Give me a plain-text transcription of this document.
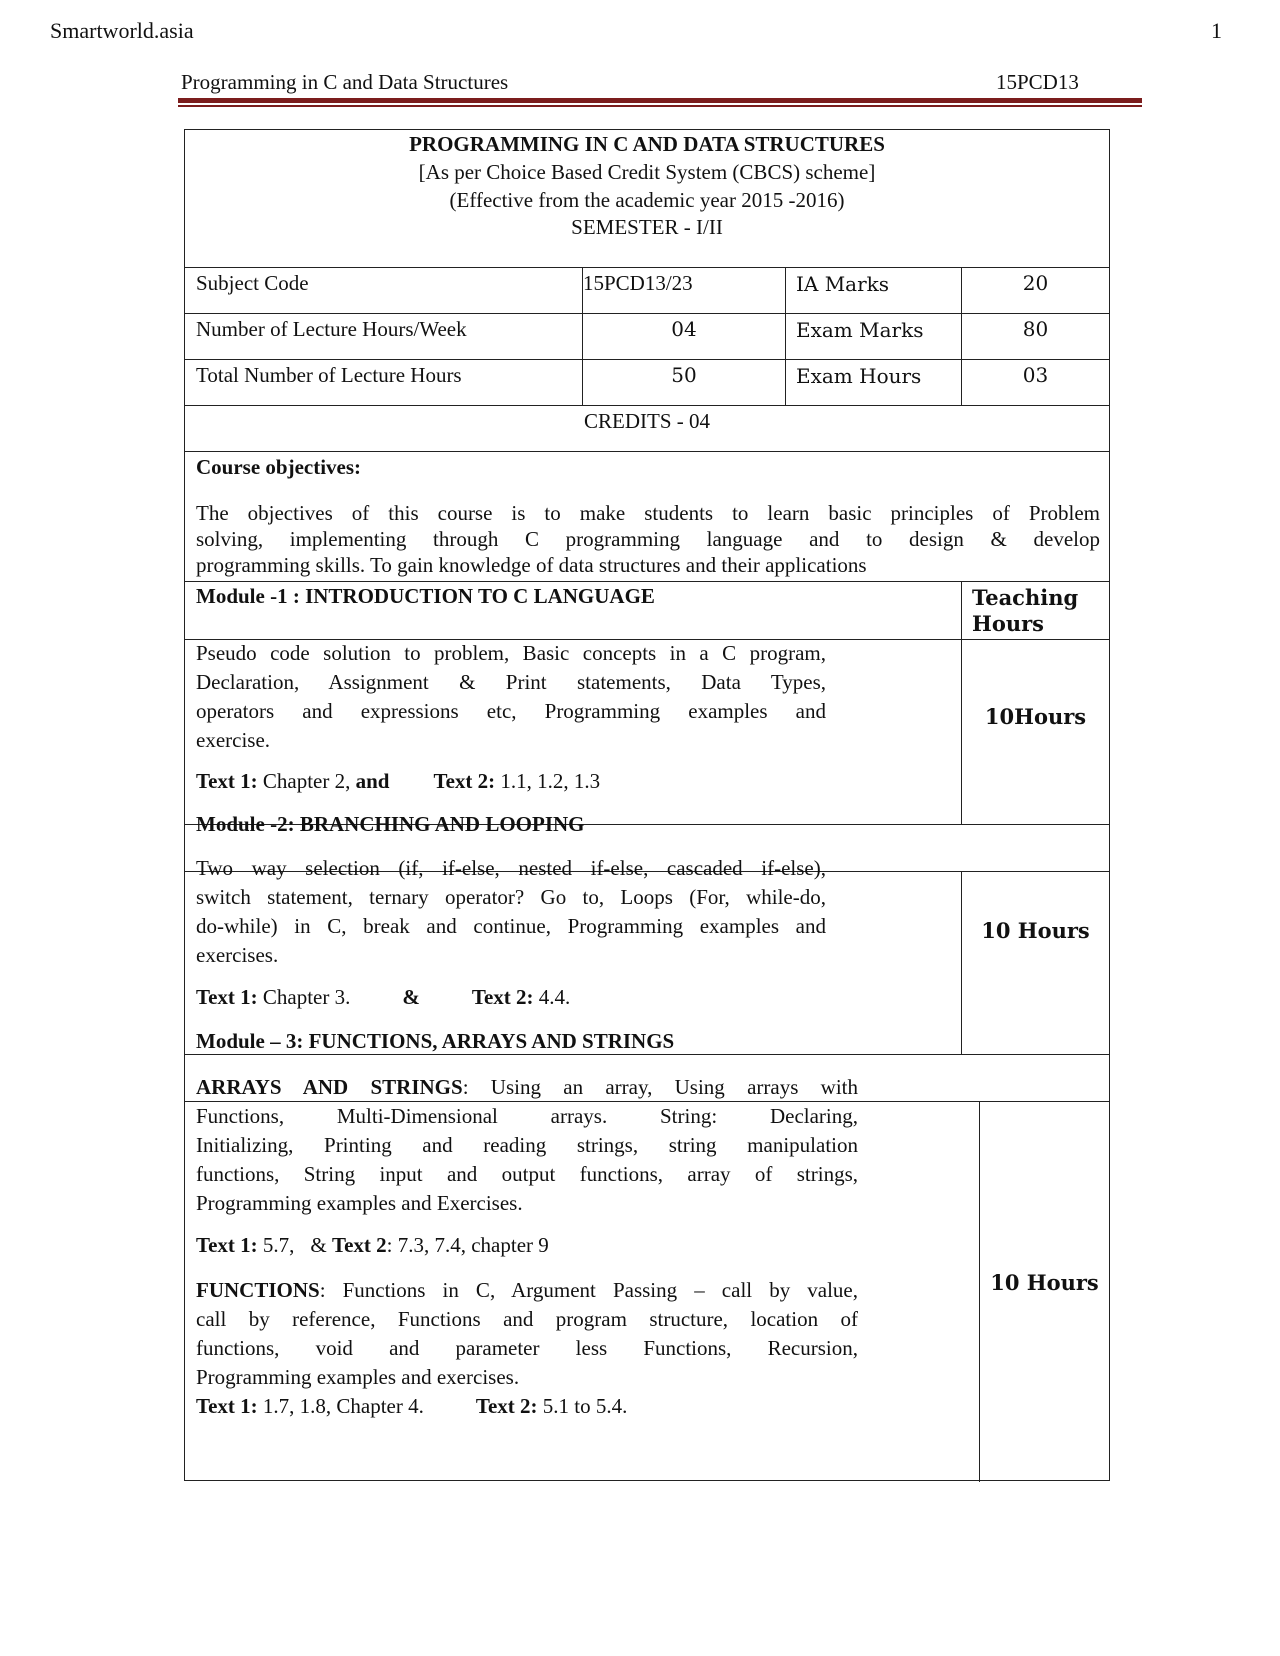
Smartworld.asia	1
Programming in C and Data Structures	15PCD13
PROGRAMMING IN C AND DATA STRUCTURES
[As per Choice Based Credit System (CBCS) scheme]
(Effective from the academic year 2015 -2016)
SEMESTER - I/II
Subject Code	15PCD13/23	IA Marks	20
Number of Lecture Hours/Week	04	Exam Marks	80
Total Number of Lecture Hours	50	Exam Hours	03
CREDITS - 04
Course objectives:
The objectives of this course is to make students to learn basic principles of Problem
solving, implementing through C programming language and to design & develop
programming skills. To gain knowledge of data structures and their applications
Module -1 : INTRODUCTION TO C LANGUAGE	Teaching
Hours
Pseudo code solution to problem, Basic concepts in a C program,
Declaration, Assignment & Print statements, Data Types,
operators and expressions etc, Programming examples and
exercise.
Text 1: Chapter 2, and Text 2: 1.1, 1.2, 1.3
10Hours
Module -2: BRANCHING AND LOOPING
Two way selection (if, if-else, nested if-else, cascaded if-else),
switch statement, ternary operator? Go to, Loops (For, while-do,
do-while) in C, break and continue, Programming examples and
exercises.
Text 1: Chapter 3. & Text 2: 4.4.
10 Hours
Module – 3: FUNCTIONS, ARRAYS AND STRINGS
ARRAYS AND STRINGS: Using an array, Using arrays with
Functions, Multi-Dimensional arrays. String: Declaring,
Initializing, Printing and reading strings, string manipulation
functions, String input and output functions, array of strings,
Programming examples and Exercises.
Text 1: 5.7, & Text 2: 7.3, 7.4, chapter 9
FUNCTIONS: Functions in C, Argument Passing – call by value,
call by reference, Functions and program structure, location of
functions, void and parameter less Functions, Recursion,
Programming examples and exercises.
Text 1: 1.7, 1.8, Chapter 4. Text 2: 5.1 to 5.4.
10 Hours
